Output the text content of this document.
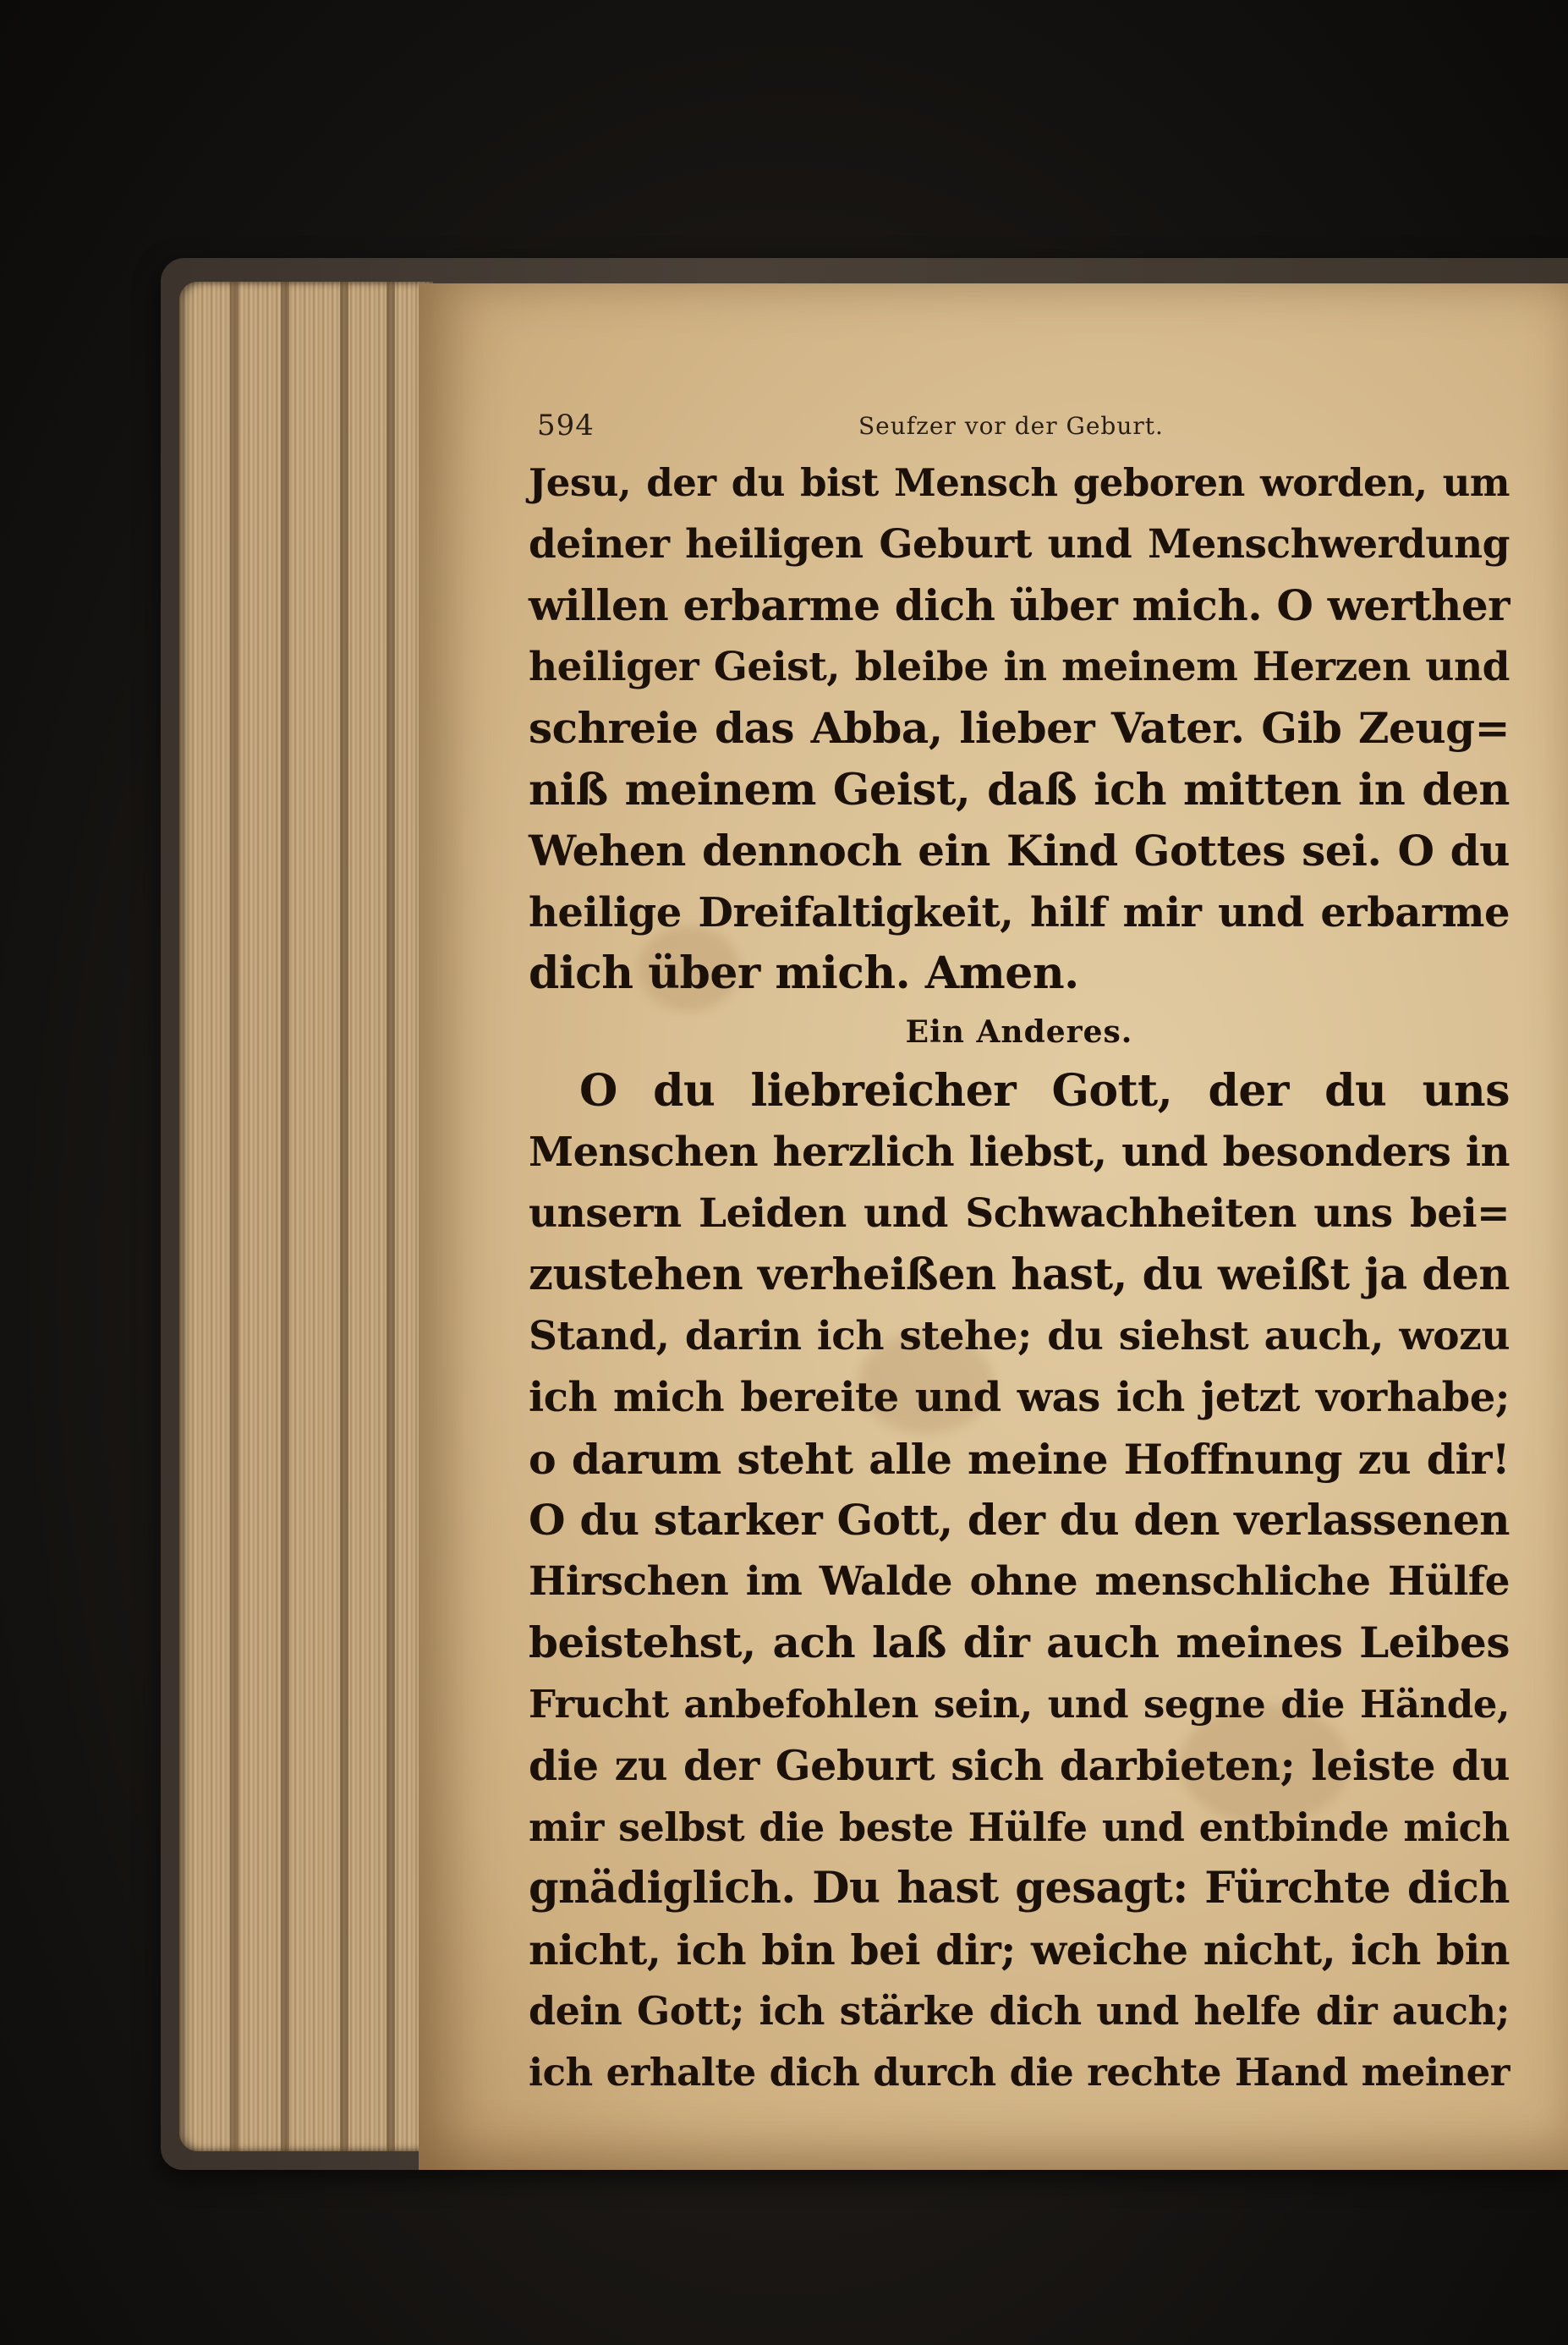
594	Seufzer vor der Geburt.
Jesu, der du bist Mensch geboren worden, um
deiner heiligen Geburt und Menschwerdung
willen erbarme dich über mich. O werther
heiliger Geist, bleibe in meinem Herzen und
schreie das Abba, lieber Vater. Gib Zeug=
niß meinem Geist, daß ich mitten in den
Wehen dennoch ein Kind Gottes sei. O du
heilige Dreifaltigkeit, hilf mir und erbarme
dich über mich. Amen.
Ein Anderes.
O du liebreicher Gott, der du uns
Menschen herzlich liebst, und besonders in
unsern Leiden und Schwachheiten uns bei=
zustehen verheißen hast, du weißt ja den
Stand, darin ich stehe; du siehst auch, wozu
ich mich bereite und was ich jetzt vorhabe;
o darum steht alle meine Hoffnung zu dir!
O du starker Gott, der du den verlassenen
Hirschen im Walde ohne menschliche Hülfe
beistehst, ach laß dir auch meines Leibes
Frucht anbefohlen sein, und segne die Hände,
die zu der Geburt sich darbieten; leiste du
mir selbst die beste Hülfe und entbinde mich
gnädiglich. Du hast gesagt: Fürchte dich
nicht, ich bin bei dir; weiche nicht, ich bin
dein Gott; ich stärke dich und helfe dir auch;
ich erhalte dich durch die rechte Hand meiner
